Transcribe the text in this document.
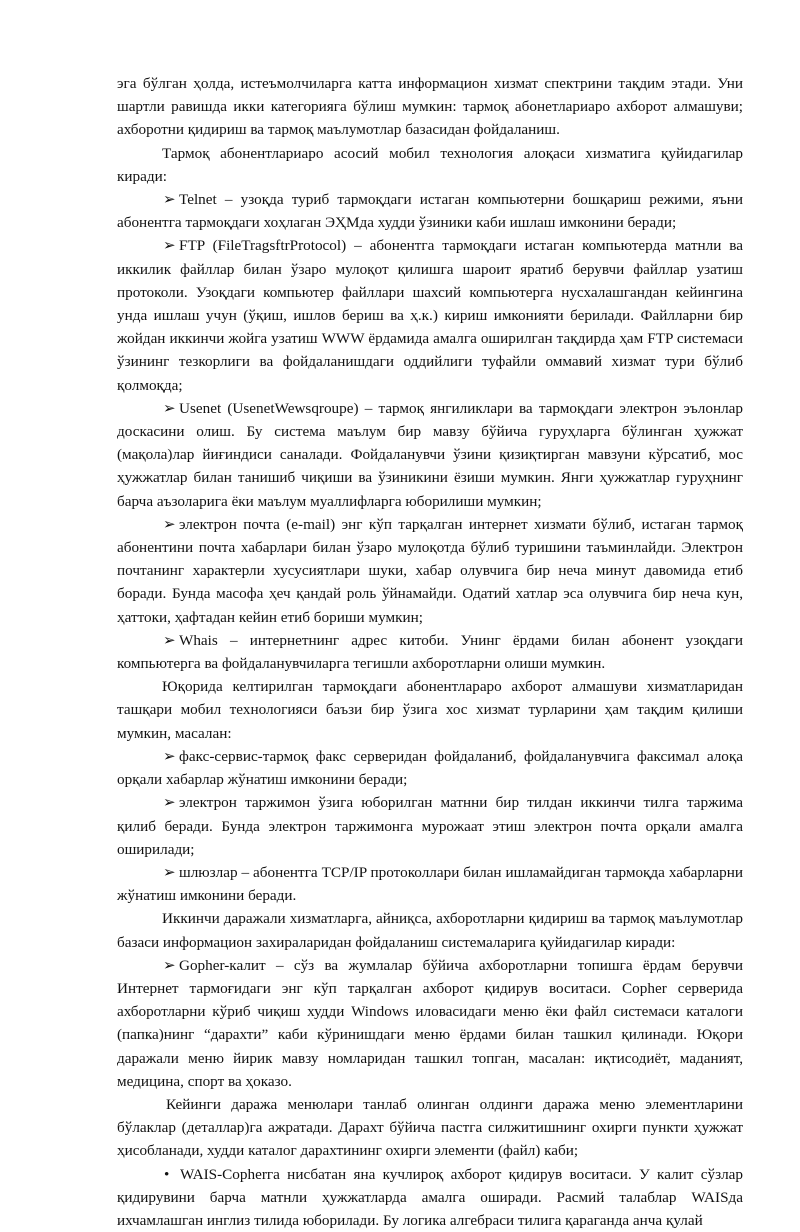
эга бўлган ҳолда, истеъмолчиларга катта информацион хизмат спектрини тақдим этади. Уни шартли равишда икки категорияга бўлиш мумкин: тармоқ абонетлариаро ахборот алмашуви; ахборотни қидириш ва тармоқ маълумотлар базасидан фойдаланиш.

Тармоқ абонентлариаро асосий мобил технология алоқаси хизматига қуйидагилар киради:

➢ Telnet – узоқда туриб тармоқдаги истаган компьютерни бошқариш режими, яъни абонентга тармоқдаги хоҳлаган ЭҲМда худди ўзиники каби ишлаш имконини беради;

➢ FTP (FileTragsftrProtocol) – абонентга тармоқдаги истаган компьютерда матнли ва иккилик файллар билан ўзаро мулоқот қилишга шароит яратиб берувчи файллар узатиш протоколи. Узоқдаги компьютер файллари шахсий компьютерга нусхалашгандан кейингина унда ишлаш учун (ўқиш, ишлов бериш ва ҳ.к.) кириш имконияти берилади. Файлларни бир жойдан иккинчи жойга узатиш WWW ёрдамида амалга оширилган тақдирда ҳам FTP системаси ўзининг тезкорлиги ва фойдаланишдаги оддийлиги туфайли оммавий хизмат тури бўлиб қолмоқда;

➢ Usenet (UsenetWewsqroupe) – тармоқ янгиликлари ва тармоқдаги электрон эълонлар доскасини олиш. Бу система маълум бир мавзу бўйича гуруҳларга бўлинган ҳужжат (мақола)лар йиғиндиси саналади. Фойдаланувчи ўзини қизиқтирган мавзуни кўрсатиб, мос ҳужжатлар билан танишиб чиқиши ва ўзиникини ёзиши мумкин. Янги ҳужжатлар гуруҳнинг барча аъзоларига ёки маълум муаллифларга юборилиши мумкин;

➢ электрон почта (e-mail) энг кўп тарқалган интернет хизмати бўлиб, истаган тармоқ абонентини почта хабарлари билан ўзаро мулоқотда бўлиб туришини таъминлайди. Электрон почтанинг характерли хусусиятлари шуки, хабар олувчига бир неча минут давомида етиб боради. Бунда масофа ҳеч қандай роль ўйнамайди. Одатий хатлар эса олувчига бир неча кун, ҳаттоки, ҳафтадан кейин етиб бориши мумкин;

➢ Whais – интернетнинг адрес китоби. Унинг ёрдами билан абонент узоқдаги компьютерга ва фойдаланувчиларга тегишли ахборотларни олиши мумкин.

Юқорида келтирилган тармоқдаги абонентлараро ахборот алмашуви хизматларидан ташқари мобил технологияси баъзи бир ўзига хос хизмат турларини ҳам тақдим қилиши мумкин, масалан:

➢ факс-сервис-тармоқ факс серверидан фойдаланиб, фойдаланувчига факсимал алоқа орқали хабарлар жўнатиш имконини беради;

➢ электрон таржимон ўзига юборилган матнни бир тилдан иккинчи тилга таржима қилиб беради. Бунда электрон таржимонга мурожаат этиш электрон почта орқали амалга оширилади;

➢ шлюзлар – абонентга TCP/IP протоколлари билан ишламайдиган тармоқда хабарларни жўнатиш имконини беради.

Иккинчи даражали хизматларга, айниқса, ахборотларни қидириш ва тармоқ маълумотлар базаси информацион захираларидан фойдаланиш системаларига қуйидагилар киради:

➢ Gopher-калит – сўз ва жумлалар бўйича ахборотларни топишга ёрдам берувчи Интернет тармоғидаги энг кўп тарқалган ахборот қидирув воситаси. Copher серверида ахборотларни кўриб чиқиш худди Windows иловасидаги меню ёки файл системаси каталоги (папка)нинг “дарахти” каби кўринишдаги меню ёрдами билан ташкил қилинади. Юқори даражали меню йирик мавзу номларидан ташкил топган, масалан: иқтисодиёт, маданият, медицина, спорт ва ҳоказо.

Кейинги даража менюлари танлаб олинган олдинги даража меню элементларини бўлаклар (деталлар)га ажратади. Дарахт бўйича пастга силжитишнинг охирги пункти ҳужжат ҳисобланади, худди каталог дарахтининг охирги элементи (файл) каби;

• WAIS-Copherга нисбатан яна кучлироқ ахборот қидирув воситаси. У калит сўзлар қидирувини барча матнли ҳужжатларда амалга оширади. Расмий талаблар WAISда ихчамлашган инглиз тилида юборилади. Бу логика алгебраси тилига қараганда анча қулай
